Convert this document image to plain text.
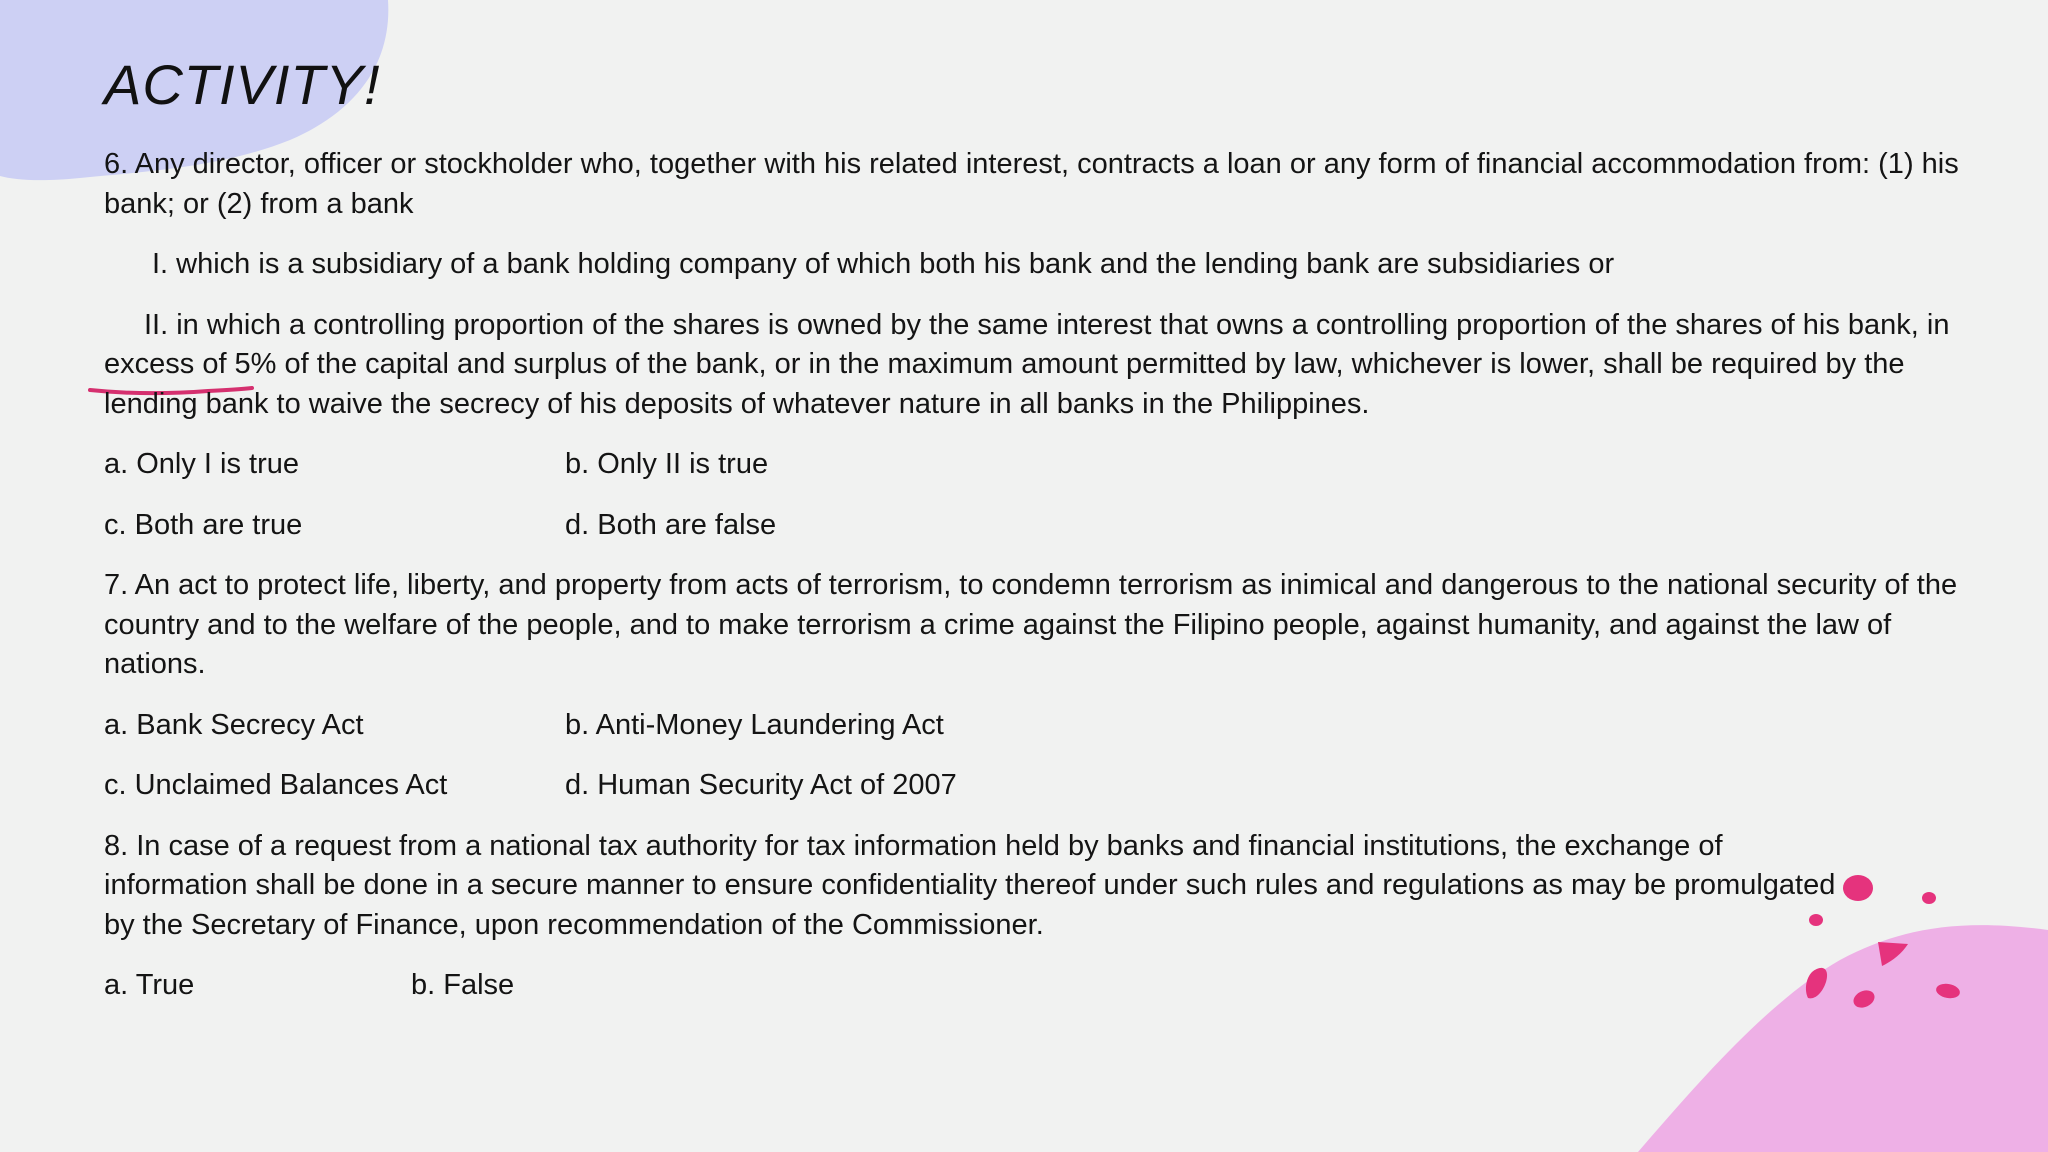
ACTIVITY!

6. Any director, officer or stockholder who, together with his related interest, contracts a loan or any form of financial accommodation from: (1) his bank; or (2) from a bank

I. which is a subsidiary of a bank holding company of which both his bank and the lending bank are subsidiaries or

II. in which a controlling proportion of the shares is owned by the same interest that owns a controlling proportion of the shares of his bank, in excess of 5% of the capital and surplus of the bank, or in the maximum amount permitted by law, whichever is lower, shall be required by the lending bank to waive the secrecy of his deposits of whatever nature in all banks in the Philippines.

a. Only I is true	b. Only II is true
c. Both are true	d. Both are false

7. An act to protect life, liberty, and property from acts of terrorism, to condemn terrorism as inimical and dangerous to the national security of the country and to the welfare of the people, and to make terrorism a crime against the Filipino people, against humanity, and against the law of nations.

a. Bank Secrecy Act	b. Anti-Money Laundering Act
c. Unclaimed Balances Act	d. Human Security Act of 2007

8. In case of a request from a national tax authority for tax information held by banks and financial institutions, the exchange of information shall be done in a secure manner to ensure confidentiality thereof under such rules and regulations as may be promulgated by the Secretary of Finance, upon recommendation of the Commissioner.

a. True	b. False
